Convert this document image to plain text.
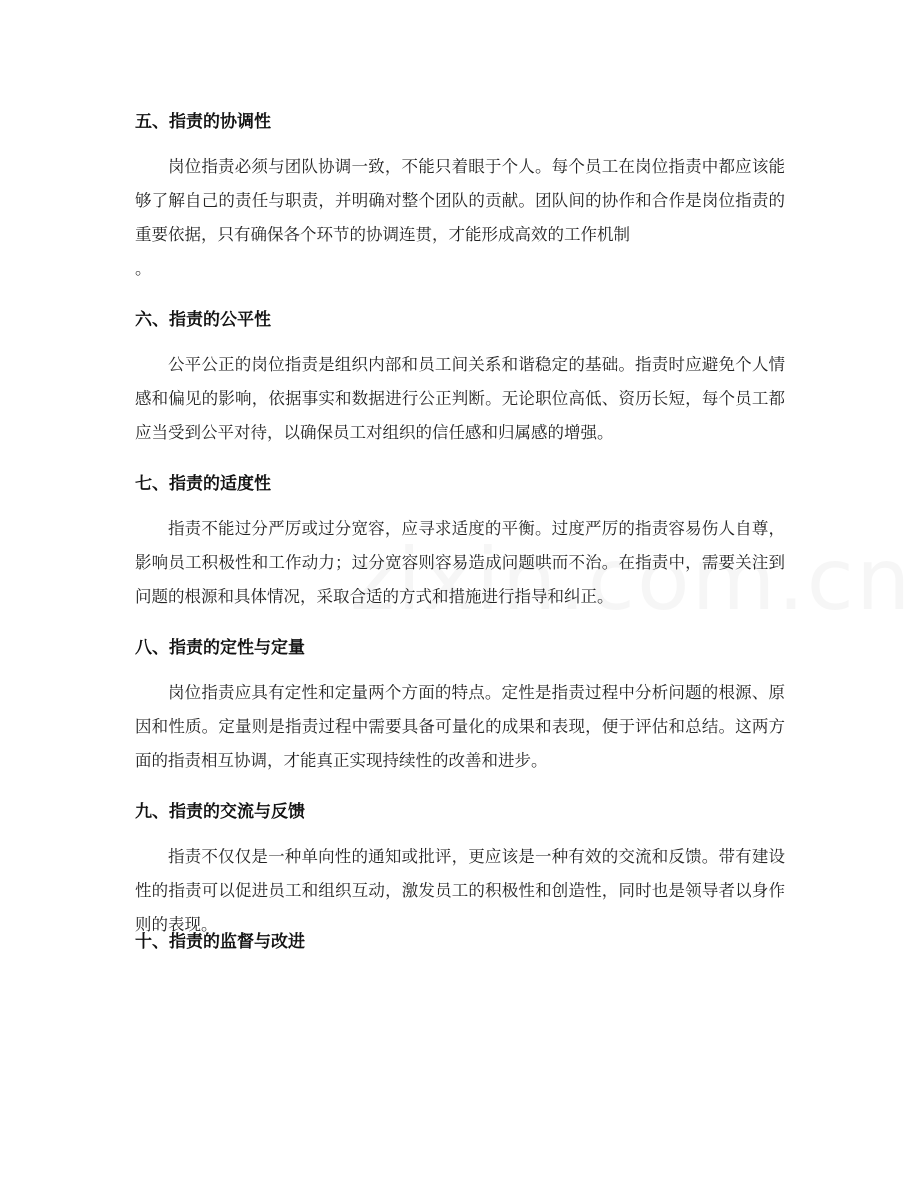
五、指责的协调性

岗位指责必须与团队协调一致，不能只着眼于个人。每个员工在岗位指责中都应该能够了解自己的责任与职责，并明确对整个团队的贡献。团队间的协作和合作是岗位指责的重要依据，只有确保各个环节的协调连贯，才能形成高效的工作机制
。

六、指责的公平性

公平公正的岗位指责是组织内部和员工间关系和谐稳定的基础。指责时应避免个人情感和偏见的影响，依据事实和数据进行公正判断。无论职位高低、资历长短，每个员工都应当受到公平对待，以确保员工对组织的信任感和归属感的增强。

七、指责的适度性

指责不能过分严厉或过分宽容，应寻求适度的平衡。过度严厉的指责容易伤人自尊，影响员工积极性和工作动力；过分宽容则容易造成问题哄而不治。在指责中，需要关注到问题的根源和具体情况，采取合适的方式和措施进行指导和纠正。

八、指责的定性与定量

岗位指责应具有定性和定量两个方面的特点。定性是指责过程中分析问题的根源、原因和性质。定量则是指责过程中需要具备可量化的成果和表现，便于评估和总结。这两方面的指责相互协调，才能真正实现持续性的改善和进步。

九、指责的交流与反馈

指责不仅仅是一种单向性的通知或批评，更应该是一种有效的交流和反馈。带有建设性的指责可以促进员工和组织互动，激发员工的积极性和创造性，同时也是领导者以身作则的表现。

十、指责的监督与改进
